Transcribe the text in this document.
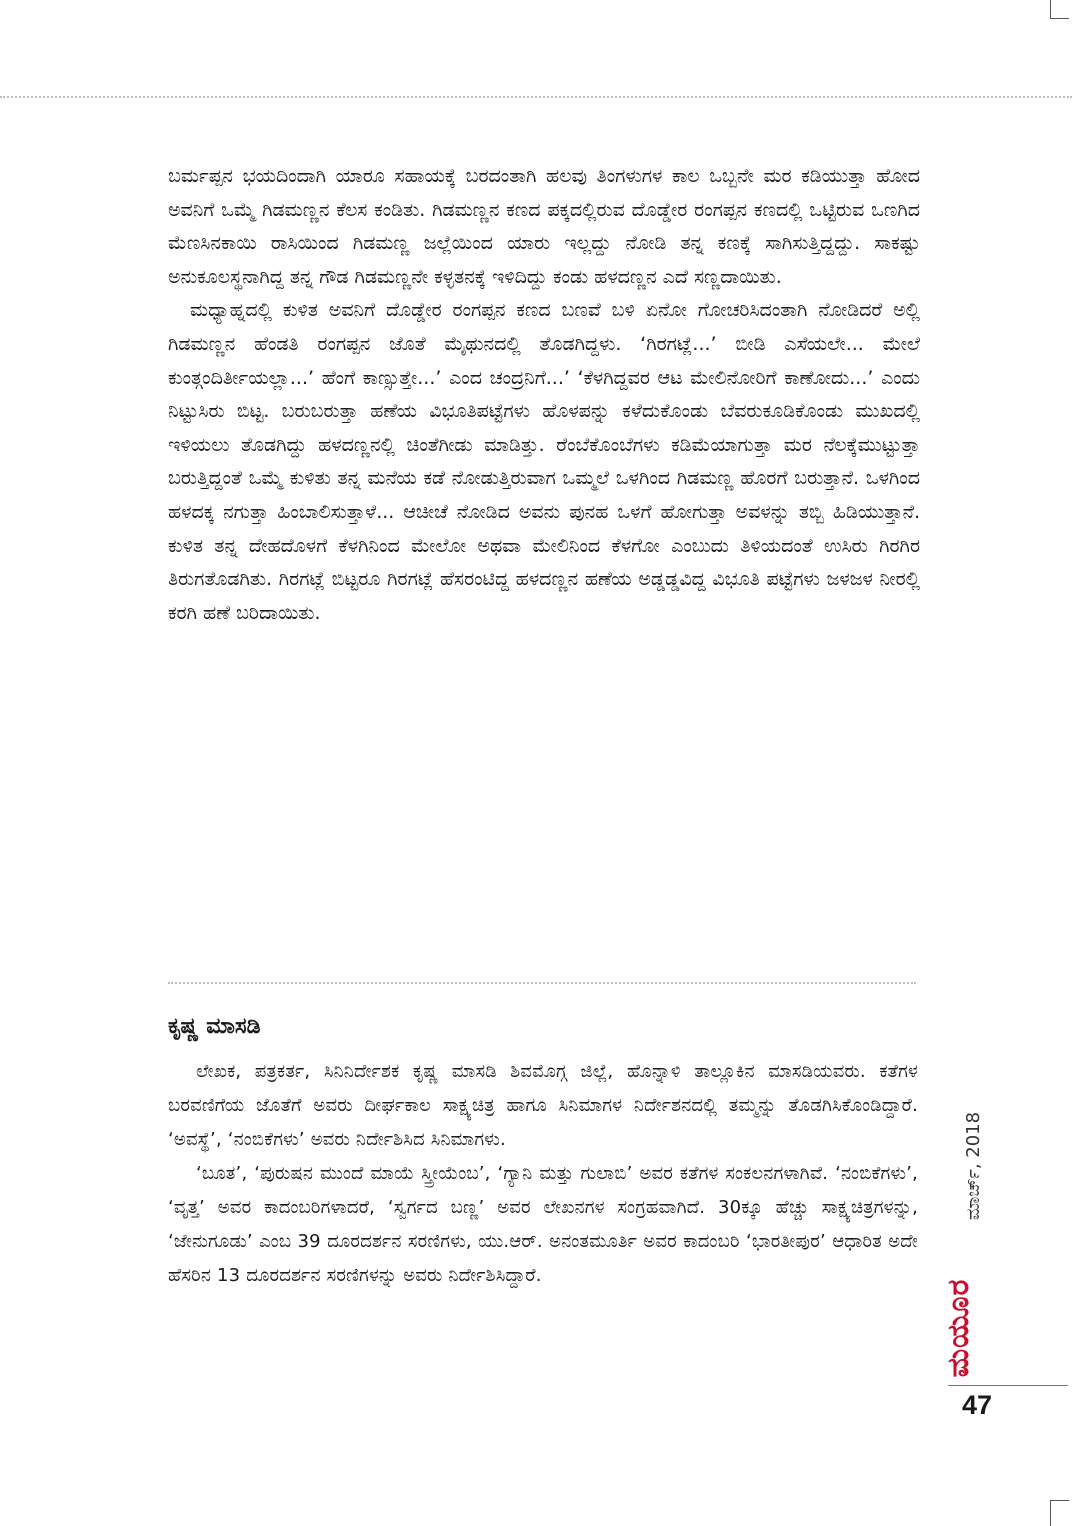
ಬರ್ಮಪ್ಪನ ಭಯದಿಂದಾಗಿ ಯಾರೂ ಸಹಾಯಕ್ಕೆ ಬರದಂತಾಗಿ ಹಲವು ತಿಂಗಳುಗಳ ಕಾಲ ಒಬ್ಬನೇ ಮರ ಕಡಿಯುತ್ತಾ ಹೋದ ಅವನಿಗೆ ಒಮ್ಮೆ ಗಿಡಮಣ್ಣನ ಕೆಲಸ ಕಂಡಿತು. ಗಿಡಮಣ್ಣನ ಕಣದ ಪಕ್ಕದಲ್ಲಿರುವ ದೊಡ್ಡೇರ ರಂಗಪ್ಪನ ಕಣದಲ್ಲಿ ಒಟ್ಟಿರುವ ಒಣಗಿದ ಮೆಣಸಿನಕಾಯಿ ರಾಸಿಯಿಂದ ಗಿಡಮಣ್ಣ ಜಲ್ಲೆಯಿಂದ ಯಾರು ಇಲ್ಲದ್ದು ನೋಡಿ ತನ್ನ ಕಣಕ್ಕೆ ಸಾಗಿಸುತ್ತಿದ್ದದ್ದು. ಸಾಕಷ್ಟು ಅನುಕೂಲಸ್ಥನಾಗಿದ್ದ ತನ್ನ ಗೌಡ ಗಿಡಮಣ್ಣನೇ ಕಳ್ಳತನಕ್ಕೆ ಇಳಿದಿದ್ದು ಕಂಡು ಹಳದಣ್ಣನ ಎದೆ ಸಣ್ಣದಾಯಿತು.

ಮಧ್ಯಾಹ್ನದಲ್ಲಿ ಕುಳಿತ ಅವನಿಗೆ ದೊಡ್ಡೇರ ರಂಗಪ್ಪನ ಕಣದ ಬಣವೆ ಬಳಿ ಏನೋ ಗೋಚರಿಸಿದಂತಾಗಿ ನೋಡಿದರೆ ಅಲ್ಲಿ ಗಿಡಮಣ್ಣನ ಹೆಂಡತಿ ರಂಗಪ್ಪನ ಜೊತೆ ಮೈಥುನದಲ್ಲಿ ತೊಡಗಿದ್ದಳು. ‘ಗಿರಗಟ್ಲೆ...’ ಬೀಡಿ ಎಸೆಯಲೇ... ಮೇಲೆ ಕುಂತ್ಗಂದಿರ್ತೀಯಲ್ಲಾ...’ ಹೆಂಗೆ ಕಾಣ್ಸುತ್ತೇ...’ ಎಂದ ಚಂದ್ರನಿಗೆ...’ ‘ಕೆಳಗಿದ್ದವರ ಆಟ ಮೇಲಿನೋರಿಗೆ ಕಾಣೋದು...’ ಎಂದು ನಿಟ್ಟುಸಿರು ಬಿಟ್ಟ. ಬರುಬರುತ್ತಾ ಹಣೆಯ ವಿಭೂತಿಪಟ್ಟೆಗಳು ಹೊಳಪನ್ನು ಕಳೆದುಕೊಂಡು ಬೆವರುಕೂಡಿಕೊಂಡು ಮುಖದಲ್ಲಿ ಇಳಿಯಲು ತೊಡಗಿದ್ದು ಹಳದಣ್ಣನಲ್ಲಿ ಚಿಂತೆಗೀಡು ಮಾಡಿತ್ತು. ರೆಂಬೆಕೊಂಬೆಗಳು ಕಡಿಮೆಯಾಗುತ್ತಾ ಮರ ನೆಲಕ್ಕೆಮುಟ್ಟುತ್ತಾ ಬರುತ್ತಿದ್ದಂತೆ ಒಮ್ಮೆ ಕುಳಿತು ತನ್ನ ಮನೆಯ ಕಡೆ ನೋಡುತ್ತಿರುವಾಗ ಒಮ್ಮಲೆ ಒಳಗಿಂದ ಗಿಡಮಣ್ಣ ಹೊರಗೆ ಬರುತ್ತಾನೆ. ಒಳಗಿಂದ ಹಳದಕ್ಕ ನಗುತ್ತಾ ಹಿಂಬಾಲಿಸುತ್ತಾಳೆ... ಆಚೀಚೆ ನೋಡಿದ ಅವನು ಪುನಹ ಒಳಗೆ ಹೋಗುತ್ತಾ ಅವಳನ್ನು ತಬ್ಬಿ ಹಿಡಿಯುತ್ತಾನೆ. ಕುಳಿತ ತನ್ನ ದೇಹದೊಳಗೆ ಕೆಳಗಿನಿಂದ ಮೇಲೋ ಅಥವಾ ಮೇಲಿನಿಂದ ಕೆಳಗೋ ಎಂಬುದು ತಿಳಿಯದಂತೆ ಉಸಿರು ಗಿರಗಿರ ತಿರುಗತೊಡಗಿತು. ಗಿರಗಟ್ಲೆ ಬಿಟ್ಟರೂ ಗಿರಗಟ್ಲೆ ಹೆಸರಂಟಿದ್ದ ಹಳದಣ್ಣನ ಹಣೆಯ ಅಡ್ಡಡ್ಡವಿದ್ದ ವಿಭೂತಿ ಪಟ್ಟೆಗಳು ಜಳಜಳ ನೀರಲ್ಲಿ ಕರಗಿ ಹಣೆ ಬರಿದಾಯಿತು.

ಕೃಷ್ಣ ಮಾಸಡಿ

ಲೇಖಕ, ಪತ್ರಕರ್ತ, ಸಿನಿನಿರ್ದೇಶಕ ಕೃಷ್ಣ ಮಾಸಡಿ ಶಿವಮೊಗ್ಗ ಜಿಲ್ಲೆ, ಹೊನ್ನಾಳಿ ತಾಲ್ಲೂಕಿನ ಮಾಸಡಿಯವರು. ಕತೆಗಳ ಬರವಣಿಗೆಯ ಜೊತೆಗೆ ಅವರು ದೀರ್ಘಕಾಲ ಸಾಕ್ಷ್ಯಚಿತ್ರ ಹಾಗೂ ಸಿನಿಮಾಗಳ ನಿರ್ದೇಶನದಲ್ಲಿ ತಮ್ಮನ್ನು ತೊಡಗಿಸಿಕೊಂಡಿದ್ದಾರೆ. ‘ಅವಸ್ಥೆ’, ‘ನಂಬಿಕೆಗಳು’ ಅವರು ನಿರ್ದೇಶಿಸಿದ ಸಿನಿಮಾಗಳು.

‘ಬೂತ’, ‘ಪುರುಷನ ಮುಂದೆ ಮಾಯೆ ಸ್ತ್ರೀಯೆಂಬ’, ‘ಗ್ಯಾನಿ ಮತ್ತು ಗುಲಾಬಿ’ ಅವರ ಕತೆಗಳ ಸಂಕಲನಗಳಾಗಿವೆ. ‘ನಂಬಿಕೆಗಳು’, ‘ವೃತ್ತ’ ಅವರ ಕಾದಂಬರಿಗಳಾದರೆ, ‘ಸ್ವರ್ಗದ ಬಣ್ಣ’ ಅವರ ಲೇಖನಗಳ ಸಂಗ್ರಹವಾಗಿದೆ. 30ಕ್ಕೂ ಹೆಚ್ಚು ಸಾಕ್ಷ್ಯಚಿತ್ರಗಳನ್ನು, ‘ಜೇನುಗೂಡು’ ಎಂಬ 39 ದೂರದರ್ಶನ ಸರಣಿಗಳು, ಯು.ಆರ್. ಅನಂತಮೂರ್ತಿ ಅವರ ಕಾದಂಬರಿ ‘ಭಾರತೀಪುರ’ ಆಧಾರಿತ ಅದೇ ಹೆಸರಿನ 13 ದೂರದರ್ಶನ ಸರಣಿಗಳನ್ನು ಅವರು ನಿರ್ದೇಶಿಸಿದ್ದಾರೆ.

ಮಾರ್ಚ್, 2018
ಮಯೂರ
47
